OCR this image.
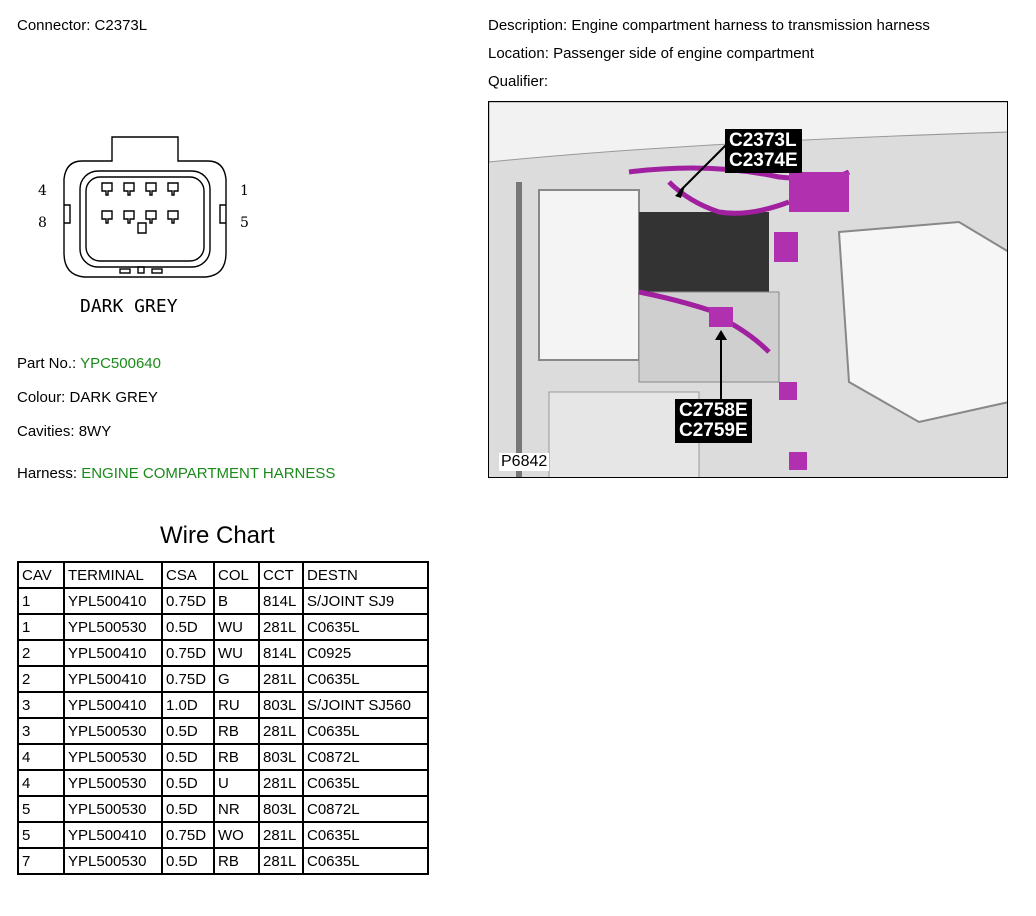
Connector: C2373L	Description: Engine compartment harness to transmission harness
Location: Passenger side of engine compartment
Qualifier:
4
8
1
5
DARK GREY
C2373L
C2374E
C2758E
C2759E
P6842
Part No.: YPC500640
Colour: DARK GREY
Cavities: 8WY
Harness: ENGINE COMPARTMENT HARNESS
Wire Chart
CAV	TERMINAL	CSA	COL	CCT	DESTN
1	YPL500410	0.75D	B	814L	S/JOINT SJ9
1	YPL500530	0.5D	WU	281L	C0635L
2	YPL500410	0.75D	WU	814L	C0925
2	YPL500410	0.75D	G	281L	C0635L
3	YPL500410	1.0D	RU	803L	S/JOINT SJ560
3	YPL500530	0.5D	RB	281L	C0635L
4	YPL500530	0.5D	RB	803L	C0872L
4	YPL500530	0.5D	U	281L	C0635L
5	YPL500530	0.5D	NR	803L	C0872L
5	YPL500410	0.75D	WO	281L	C0635L
7	YPL500530	0.5D	RB	281L	C0635L
